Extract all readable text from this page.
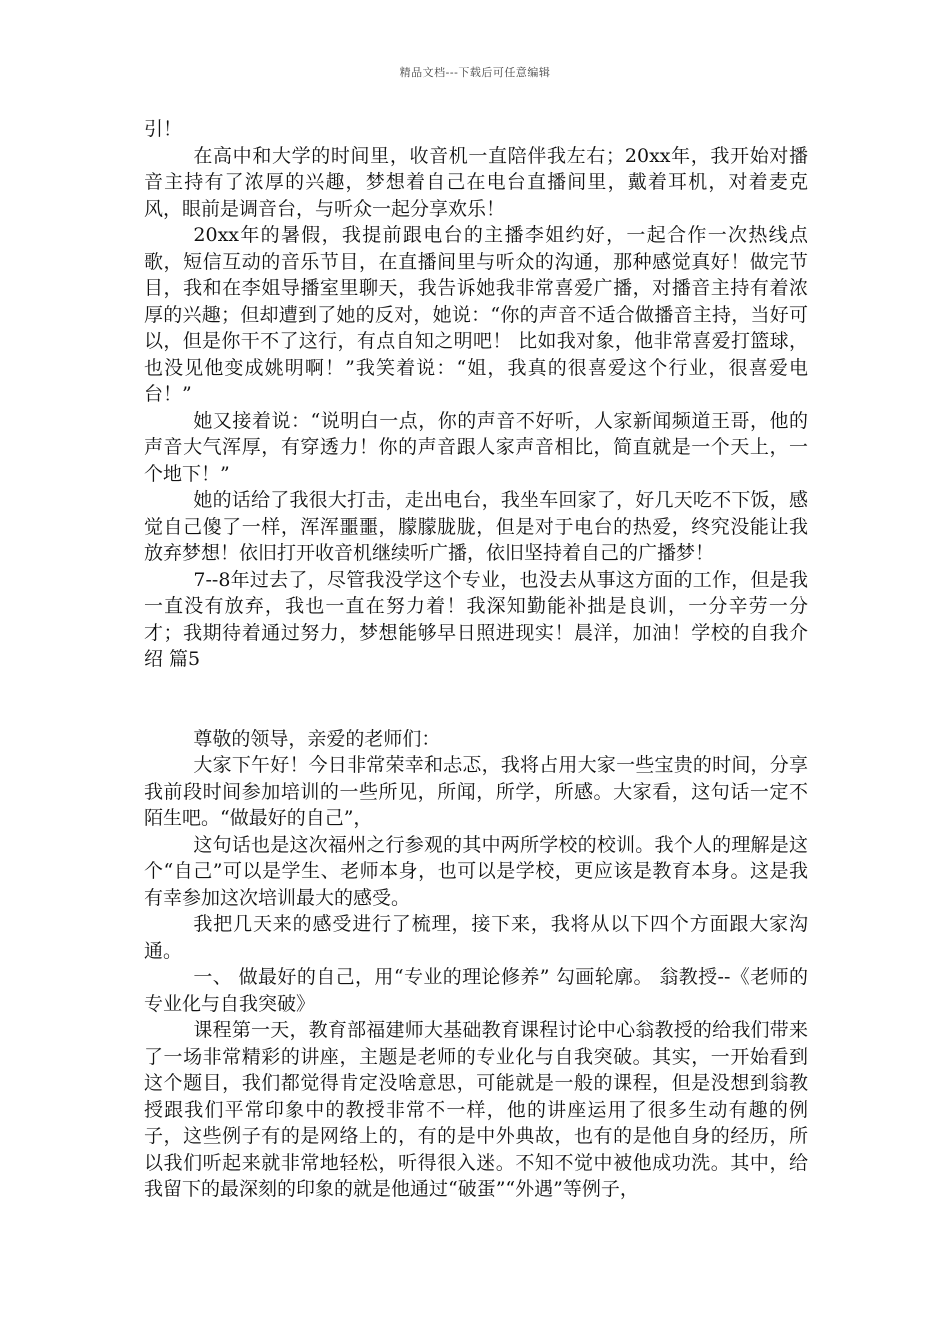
精品文档---下载后可任意编辑

引！

在高中和大学的时间里，收音机一直陪伴我左右；20xx年，我开始对播音主持有了浓厚的兴趣，梦想着自己在电台直播间里，戴着耳机，对着麦克风，眼前是调音台，与听众一起分享欢乐！

20xx年的暑假，我提前跟电台的主播李姐约好，一起合作一次热线点歌，短信互动的音乐节目，在直播间里与听众的沟通，那种感觉真好！做完节目，我和在李姐导播室里聊天，我告诉她我非常喜爱广播，对播音主持有着浓厚的兴趣；但却遭到了她的反对，她说：“你的声音不适合做播音主持，当好可以，但是你干不了这行，有点自知之明吧！ 比如我对象，他非常喜爱打篮球，也没见他变成姚明啊！”我笑着说：“姐，我真的很喜爱这个行业，很喜爱电台！”

她又接着说：“说明白一点，你的声音不好听，人家新闻频道王哥，他的声音大气浑厚，有穿透力！你的声音跟人家声音相比，简直就是一个天上，一个地下！”

她的话给了我很大打击，走出电台，我坐车回家了，好几天吃不下饭，感觉自己傻了一样，浑浑噩噩，朦朦胧胧，但是对于电台的热爱，终究没能让我放弃梦想！依旧打开收音机继续听广播，依旧坚持着自己的广播梦！

7--8年过去了，尽管我没学这个专业，也没去从事这方面的工作，但是我一直没有放弃，我也一直在努力着！我深知勤能补拙是良训，一分辛劳一分才；我期待着通过努力，梦想能够早日照进现实！晨洋，加油！学校的自我介绍 篇5

尊敬的领导，亲爱的老师们：

大家下午好！今日非常荣幸和忐忑，我将占用大家一些宝贵的时间，分享我前段时间参加培训的一些所见，所闻，所学，所感。大家看，这句话一定不陌生吧。“做最好的自己”，

这句话也是这次福州之行参观的其中两所学校的校训。我个人的理解是这个“自己”可以是学生、老师本身，也可以是学校，更应该是教育本身。这是我有幸参加这次培训最大的感受。

我把几天来的感受进行了梳理，接下来，我将从以下四个方面跟大家沟通。

一、 做最好的自己，用“专业的理论修养” 勾画轮廓。 翁教授--《老师的专业化与自我突破》

课程第一天，教育部福建师大基础教育课程讨论中心翁教授的给我们带来了一场非常精彩的讲座，主题是老师的专业化与自我突破。其实，一开始看到这个题目，我们都觉得肯定没啥意思，可能就是一般的课程，但是没想到翁教授跟我们平常印象中的教授非常不一样，他的讲座运用了很多生动有趣的例子，这些例子有的是网络上的，有的是中外典故，也有的是他自身的经历，所以我们听起来就非常地轻松，听得很入迷。不知不觉中被他成功洗。其中，给我留下的最深刻的印象的就是他通过“破蛋”“外遇”等例子，
